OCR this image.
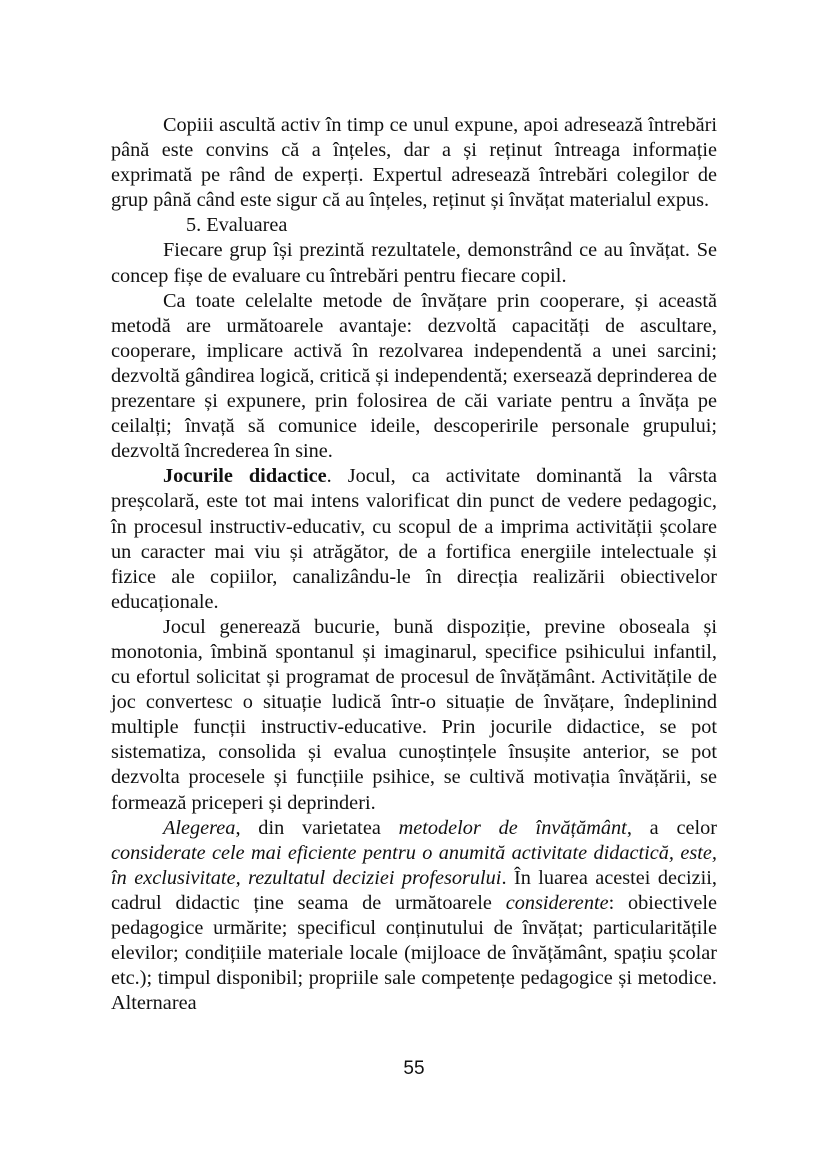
Copiii ascultă activ în timp ce unul expune, apoi adresează întrebări până este convins că a înțeles, dar a și reținut întreaga informație exprimată pe rând de experți. Expertul adresează întrebări colegilor de grup până când este sigur că au înțeles, reținut și învățat materialul expus.

5. Evaluarea

Fiecare grup își prezintă rezultatele, demonstrând ce au învățat. Se concep fișe de evaluare cu întrebări pentru fiecare copil.

Ca toate celelalte metode de învățare prin cooperare, și această metodă are următoarele avantaje: dezvoltă capacități de ascultare, cooperare, implicare activă în rezolvarea independentă a unei sarcini; dezvoltă gândirea logică, critică și independentă; exersează deprinderea de prezentare și expunere, prin folosirea de căi variate pentru a învăța pe ceilalți; învață să comunice ideile, descoperirile personale grupului; dezvoltă încrederea în sine.

Jocurile didactice. Jocul, ca activitate dominantă la vârsta preșcolară, este tot mai intens valorificat din punct de vedere pedagogic, în procesul instructiv-educativ, cu scopul de a imprima activității școlare un caracter mai viu și atrăgător, de a fortifica energiile intelectuale și fizice ale copiilor, canalizându-le în direcția realizării obiectivelor educaționale.

Jocul generează bucurie, bună dispoziție, previne oboseala și monotonia, îmbină spontanul și imaginarul, specifice psihicului infantil, cu efortul solicitat și programat de procesul de învățământ. Activitățile de joc convertesc o situație ludică într-o situație de învățare, îndeplinind multiple funcții instructiv-educative. Prin jocurile didactice, se pot sistematiza, consolida și evalua cunoștințele însușite anterior, se pot dezvolta procesele și funcțiile psihice, se cultivă motivația învățării, se formează priceperi și deprinderi.

Alegerea, din varietatea metodelor de învățământ, a celor considerate cele mai eficiente pentru o anumită activitate didactică, este, în exclusivitate, rezultatul deciziei profesorului. În luarea acestei decizii, cadrul didactic ține seama de următoarele considerente: obiectivele pedagogice urmărite; specificul conținutului de învățat; particularitățile elevilor; condițiile materiale locale (mijloace de învățământ, spațiu școlar etc.); timpul disponibil; propriile sale competențe pedagogice și metodice. Alternarea

55
